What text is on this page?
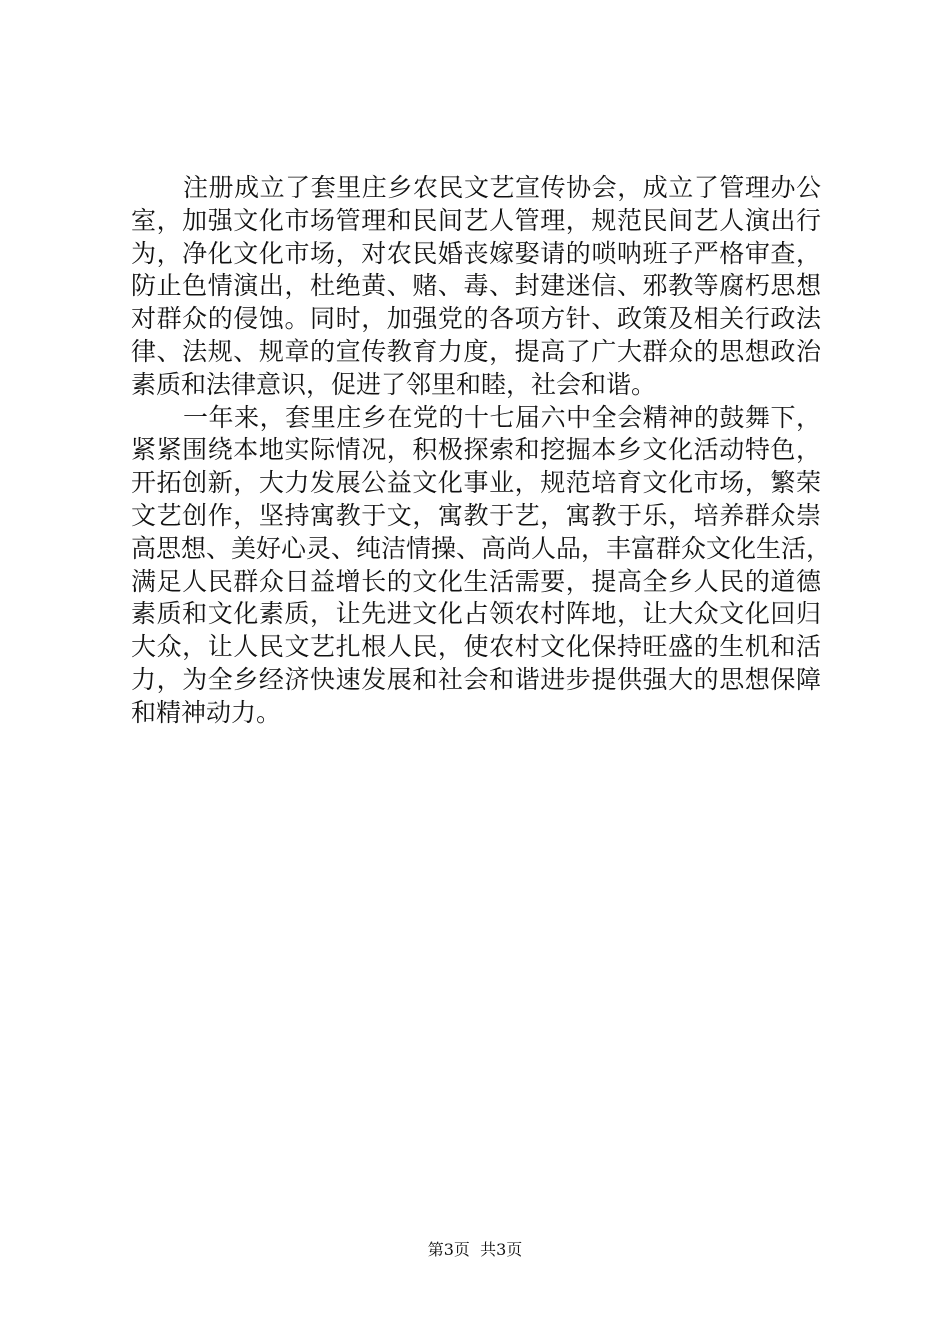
注册成立了套里庄乡农民文艺宣传协会，成立了管理办公
室，加强文化市场管理和民间艺人管理，规范民间艺人演出行
为，净化文化市场，对农民婚丧嫁娶请的唢呐班子严格审查，
防止色情演出，杜绝黄、赌、毒、封建迷信、邪教等腐朽思想
对群众的侵蚀。同时，加强党的各项方针、政策及相关行政法
律、法规、规章的宣传教育力度，提高了广大群众的思想政治
素质和法律意识，促进了邻里和睦，社会和谐。
一年来，套里庄乡在党的十七届六中全会精神的鼓舞下，
紧紧围绕本地实际情况，积极探索和挖掘本乡文化活动特色，
开拓创新，大力发展公益文化事业，规范培育文化市场，繁荣
文艺创作，坚持寓教于文，寓教于艺，寓教于乐，培养群众崇
高思想、美好心灵、纯洁情操、高尚人品，丰富群众文化生活，
满足人民群众日益增长的文化生活需要，提高全乡人民的道德
素质和文化素质，让先进文化占领农村阵地，让大众文化回归
大众，让人民文艺扎根人民，使农村文化保持旺盛的生机和活
力，为全乡经济快速发展和社会和谐进步提供强大的思想保障
和精神动力。
第3页 共3页
